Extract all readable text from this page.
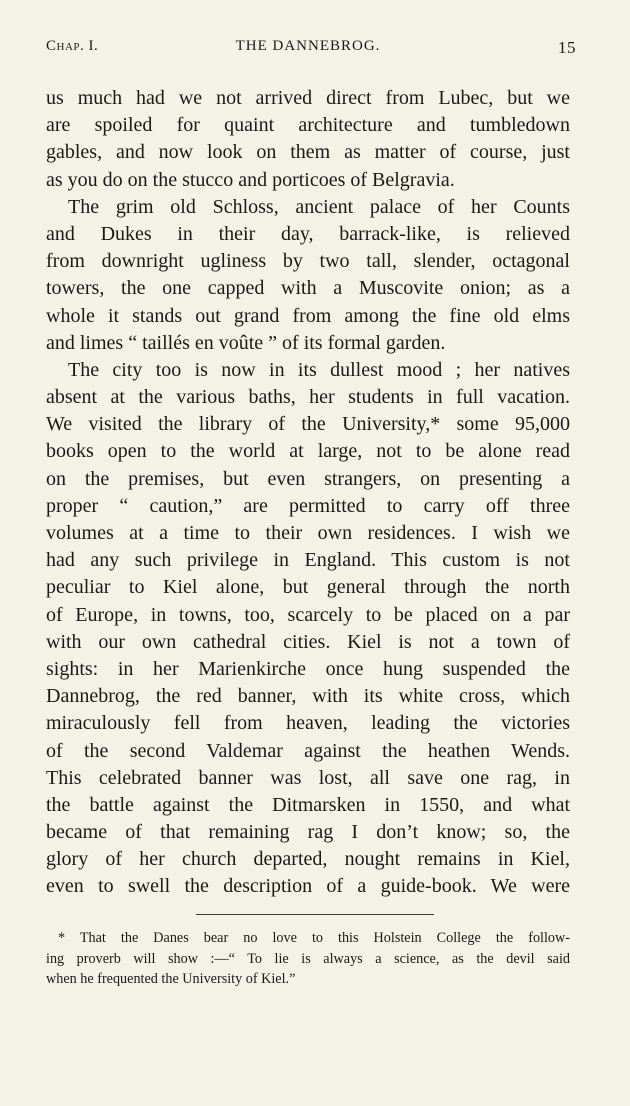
Chap. I.	THE DANNEBROG.	15
us much had we not arrived direct from Lubec, but we
are spoiled for quaint architecture and tumbledown
gables, and now look on them as matter of course, just
as you do on the stucco and porticoes of Belgravia.
The grim old Schloss, ancient palace of her Counts
and Dukes in their day, barrack-like, is relieved
from downright ugliness by two tall, slender, octagonal
towers, the one capped with a Muscovite onion; as a
whole it stands out grand from among the fine old elms
and limes “ taillés en voûte ” of its formal garden.
The city too is now in its dullest mood ; her natives
absent at the various baths, her students in full vacation.
We visited the library of the University,* some 95,000
books open to the world at large, not to be alone read
on the premises, but even strangers, on presenting a
proper “ caution,” are permitted to carry off three
volumes at a time to their own residences. I wish we
had any such privilege in England. This custom is not
peculiar to Kiel alone, but general through the north
of Europe, in towns, too, scarcely to be placed on a par
with our own cathedral cities. Kiel is not a town of
sights: in her Marienkirche once hung suspended the
Dannebrog, the red banner, with its white cross, which
miraculously fell from heaven, leading the victories
of the second Valdemar against the heathen Wends.
This celebrated banner was lost, all save one rag, in
the battle against the Ditmarsken in 1550, and what
became of that remaining rag I don’t know; so, the
glory of her church departed, nought remains in Kiel,
even to swell the description of a guide-book. We were
* That the Danes bear no love to this Holstein College the follow-
ing proverb will show :—“ To lie is always a science, as the devil said
when he frequented the University of Kiel.”
